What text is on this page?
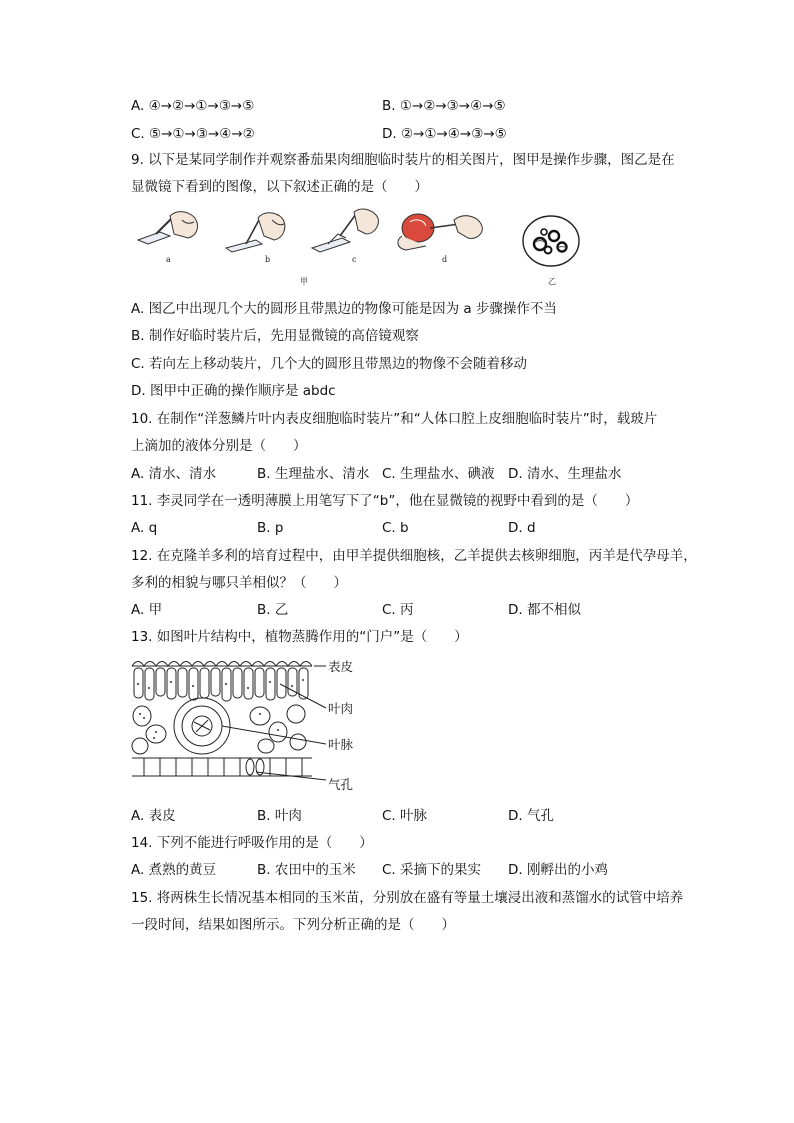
A. ④→②→①→③→⑤	B. ①→②→③→④→⑤
C. ⑤→①→③→④→②	D. ②→①→④→③→⑤
9. 以下是某同学制作并观察番茄果肉细胞临时装片的相关图片，图甲是操作步骤，图乙是在
显微镜下看到的图像，以下叙述正确的是（　　）
a	b	c	d
甲	乙
A. 图乙中出现几个大的圆形且带黑边的物像可能是因为 a 步骤操作不当
B. 制作好临时装片后，先用显微镜的高倍镜观察
C. 若向左上移动装片，几个大的圆形且带黑边的物像不会随着移动
D. 图甲中正确的操作顺序是 abdc
10. 在制作“洋葱鳞片叶内表皮细胞临时装片”和“人体口腔上皮细胞临时装片”时，载玻片
上滴加的液体分别是（　　）
A. 清水、清水	B. 生理盐水、清水 C. 生理盐水、碘液 D. 清水、生理盐水
11. 李灵同学在一透明薄膜上用笔写下了“b”，他在显微镜的视野中看到的是（　　）
A. q	B. p	C. b	D. d
12. 在克隆羊多利的培育过程中，由甲羊提供细胞核，乙羊提供去核卵细胞，丙羊是代孕母羊，
多利的相貌与哪只羊相似？（　　）
A. 甲	B. 乙	C. 丙	D. 都不相似
13. 如图叶片结构中，植物蒸腾作用的“门户”是（　　）
表皮
叶肉
叶脉
气孔
A. 表皮	B. 叶肉	C. 叶脉	D. 气孔
14. 下列不能进行呼吸作用的是（　　）
A. 煮熟的黄豆	B. 农田中的玉米 C. 采摘下的果实 D. 刚孵出的小鸡
15. 将两株生长情况基本相同的玉米苗，分别放在盛有等量土壤浸出液和蒸馏水的试管中培养
一段时间，结果如图所示。下列分析正确的是（　　）
